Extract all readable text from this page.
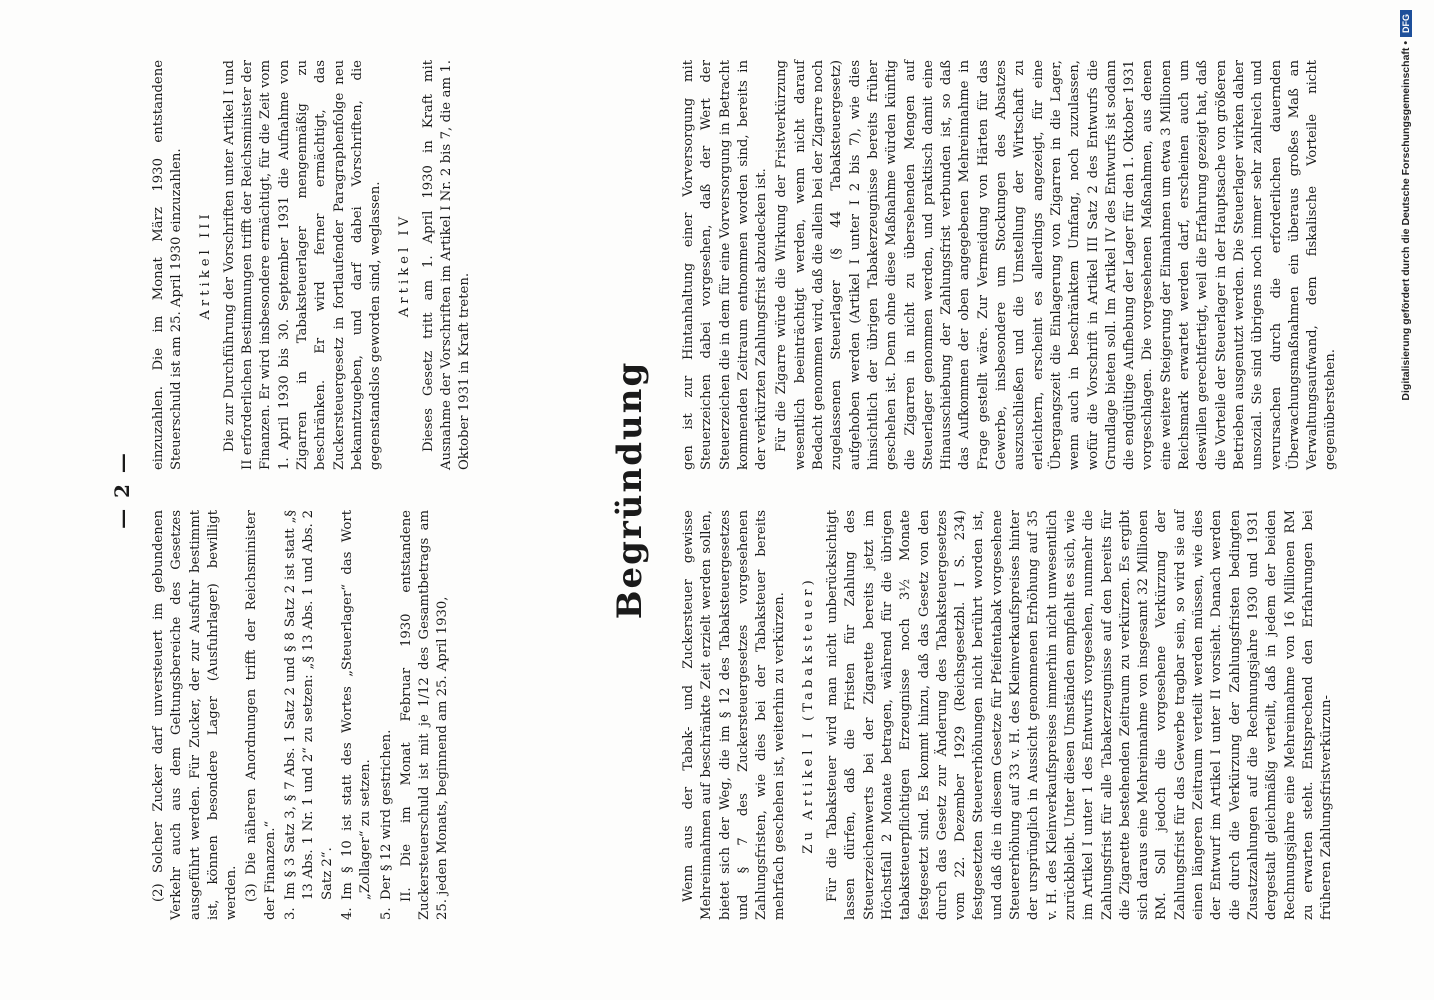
— 2 —

(2) Solcher Zucker darf unversteuert im gebundenen Verkehr auch aus dem Geltungsbereiche des Gesetzes ausgeführt werden. Für Zucker, der zur Ausfuhr bestimmt ist, können besondere Lager (Ausfuhrlager) bewilligt werden. (3) Die näheren Anordnungen trifft der Reichsminister der Finanzen.“ 3.
Im § 3 Satz 3, § 7 Abs. 1 Satz 2 und § 8 Satz 2 ist statt „§ 13 Abs. 1 Nr. 1 und 2“ zu setzen: „§ 13 Abs. 1 und Abs. 2 Satz 2“.

4.
Im § 10 ist statt des Wortes „Steuerlager“ das Wort „Zollager“ zu setzen.

5.
Der § 12 wird gestrichen. II. Die im Monat Februar 1930 entstandene Zuckersteuerschuld ist mit je 1/12 des Gesamtbetrags am 25. jeden Monats, beginnend am 25. April 1930,

einzuzahlen. Die im Monat März 1930 entstandene Steuerschuld ist am 25. April 1930 einzuzahlen. Artikel III Die zur Durchführung der Vorschriften unter Artikel I und II erforderlichen Bestimmungen trifft der Reichsminister der Finanzen. Er wird insbesondere ermächtigt, für die Zeit vom 1. April 1930 bis 30. September 1931 die Aufnahme von Zigarren in Tabaksteuerlager mengenmäßig zu beschränken. Er wird ferner ermächtigt, das Zuckersteuergesetz in fortlaufender Paragraphenfolge neu bekanntzugeben, und darf dabei Vorschriften, die gegenstandslos geworden sind, weglassen. Artikel IV Dieses Gesetz tritt am 1. April 1930 in Kraft mit Ausnahme der Vorschriften im Artikel I Nr. 2 bis 7, die am 1. Oktober 1931 in Kraft treten.	Begründung

Wenn aus der Tabak- und Zuckersteuer gewisse Mehreinnahmen auf beschränkte Zeit erzielt werden sollen, bietet sich der Weg, die im § 12 des Tabaksteuergesetzes und § 7 des Zuckersteuergesetzes vorgesehenen Zahlungsfristen, wie dies bei der Tabaksteuer bereits mehrfach geschehen ist, weiterhin zu verkürzen. Zu Artikel I (Tabaksteuer) Für die Tabaksteuer wird man nicht unberücksichtigt lassen dürfen, daß die Fristen für Zahlung des Steuerzeichenwerts bei der Zigarette bereits jetzt im Höchstfall 2 Monate betragen, während für die übrigen tabaksteuerpflichtigen Erzeugnisse noch 3½ Monate festgesetzt sind. Es kommt hinzu, daß das Gesetz von den durch das Gesetz zur Änderung des Tabaksteuergesetzes vom 22. Dezember 1929 (Reichsgesetzbl. I S. 234) festgesetzten Steuererhöhungen nicht berührt worden ist, und daß die in diesem Gesetze für Pfeifentabak vorgesehene Steuererhöhung auf 33 v. H. des Kleinverkaufspreises hinter der ursprünglich in Aussicht genommenen Erhöhung auf 35 v. H. des Kleinverkaufspreises immerhin nicht unwesentlich zurückbleibt. Unter diesen Umständen empfiehlt es sich, wie im Artikel I unter 1 des Entwurfs vorgesehen, nunmehr die Zahlungsfrist für alle Tabakerzeugnisse auf den bereits für die Zigarette bestehenden Zeitraum zu verkürzen. Es ergibt sich daraus eine Mehreinnahme von insgesamt 32 Millionen RM. Soll jedoch die vorgesehene Verkürzung der Zahlungsfrist für das Gewerbe tragbar sein, so wird sie auf einen längeren Zeitraum verteilt werden müssen, wie dies der Entwurf im Artikel I unter II vorsieht. Danach werden die durch die Verkürzung der Zahlungsfristen bedingten Zusatzzahlungen auf die Rechnungsjahre 1930 und 1931 dergestalt gleichmäßig verteilt, daß in jedem der beiden Rechnungsjahre eine Mehreinnahme von 16 Millionen RM zu erwarten steht. Entsprechend den Erfahrungen bei früheren Zahlungsfristverkürzun-

gen ist zur Hintanhaltung einer Vorversorgung mit Steuerzeichen dabei vorgesehen, daß der Wert der Steuerzeichen die in dem für eine Vorversorgung in Betracht kommenden Zeitraum entnommen worden sind, bereits in der verkürzten Zahlungsfrist abzudecken ist. Für die Zigarre würde die Wirkung der Fristverkürzung wesentlich beeinträchtigt werden, wenn nicht darauf Bedacht genommen wird, daß die allein bei der Zigarre noch zugelassenen Steuerlager (§ 44 Tabaksteuergesetz) aufgehoben werden (Artikel I unter I 2 bis 7), wie dies hinsichtlich der übrigen Tabakerzeugnisse bereits früher geschehen ist. Denn ohne diese Maßnahme würden künftig die Zigarren in nicht zu übersehenden Mengen auf Steuerlager genommen werden, und praktisch damit eine Hinausschiebung der Zahlungsfrist verbunden ist, so daß das Aufkommen der oben angegebenen Mehreinnahme in Frage gestellt wäre. Zur Vermeidung von Härten für das Gewerbe, insbesondere um Stockungen des Absatzes auszuschließen und die Umstellung der Wirtschaft zu erleichtern, erscheint es allerdings angezeigt, für eine Übergangszeit die Einlagerung von Zigarren in die Lager, wenn auch in beschränktem Umfang, noch zuzulassen, wofür die Vorschrift in Artikel III Satz 2 des Entwurfs die Grundlage bieten soll. Im Artikel IV des Entwurfs ist sodann die endgültige Aufhebung der Lager für den 1. Oktober 1931 vorgeschlagen. Die vorgesehenen Maßnahmen, aus denen eine weitere Steigerung der Einnahmen um etwa 3 Millionen Reichsmark erwartet werden darf, erscheinen auch um deswillen gerechtfertigt, weil die Erfahrung gezeigt hat, daß die Vorteile der Steuerlager in der Hauptsache von größeren Betrieben ausgenutzt werden. Die Steuerlager wirken daher unsozial. Sie sind übrigens noch immer sehr zahlreich und verursachen durch die erforderlichen dauernden Überwachungsmaßnahmen ein überaus großes Maß an Verwaltungsaufwand, dem fiskalische Vorteile nicht gegenüberstehen.

Digitalisierung gefördert durch die Deutsche Forschungsgemeinschaft •DFG
